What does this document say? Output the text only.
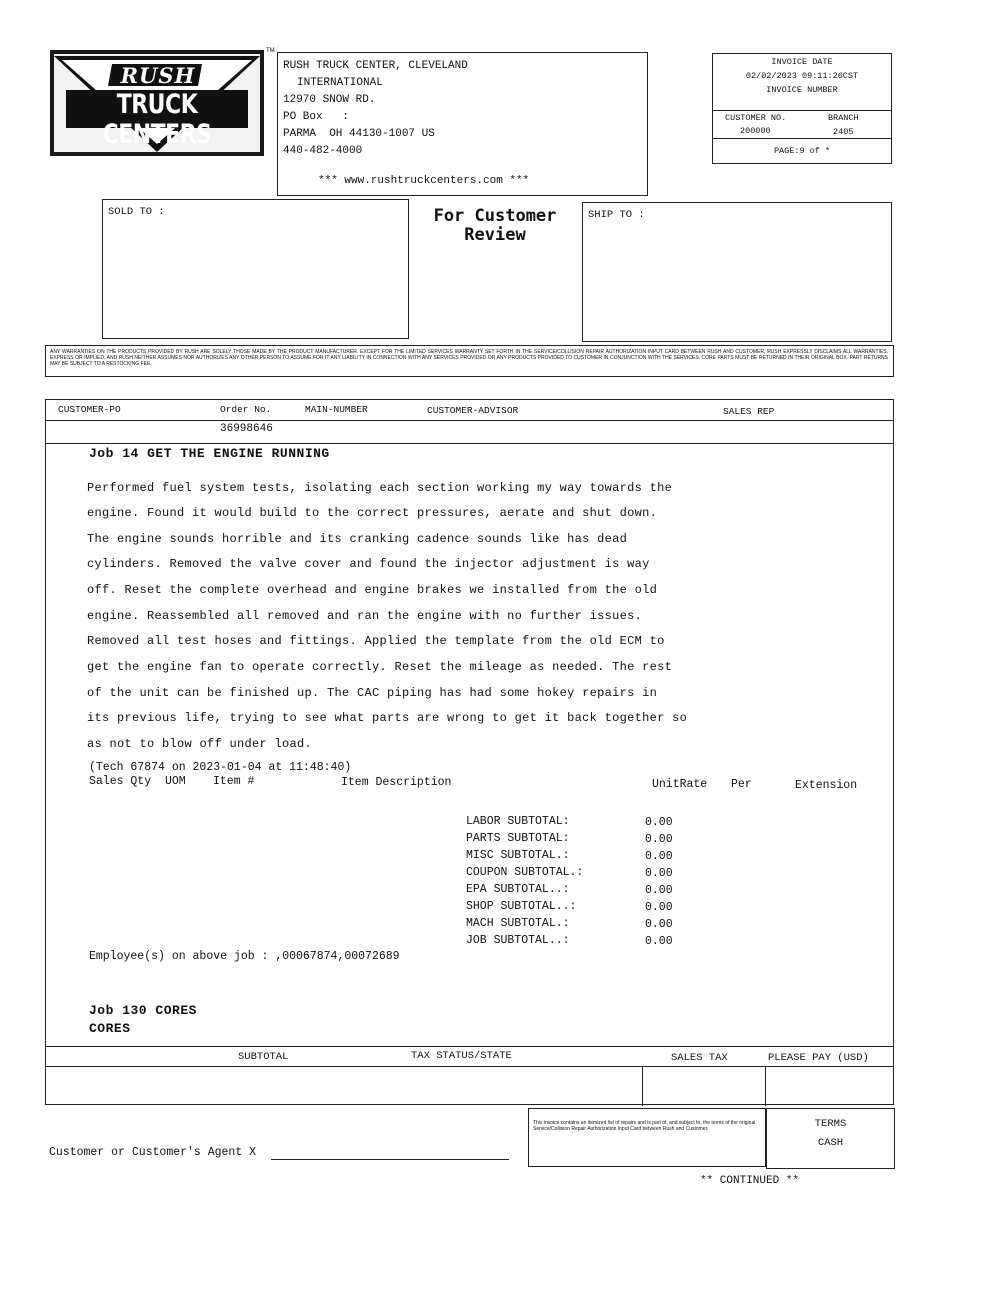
RUSH
TRUCK CENTERS
TM
RUSH TRUCK CENTER, CLEVELAND
INTERNATIONAL
12970 SNOW RD.
PO Box   :
PARMA  OH 44130-1007 US
440-482-4000
*** www.rushtruckcenters.com ***
INVOICE DATE
02/02/2023 09:11:26CST
INVOICE NUMBER
CUSTOMER NO.	BRANCH
200000	2405
PAGE:9 of *
SOLD TO :	For Customer
Review
SHIP TO :
ANY WARRANTIES ON THE PRODUCTS PROVIDED BY RUSH ARE SOLELY THOSE MADE BY THE PRODUCT MANUFACTURER. EXCEPT FOR THE LIMITED SERVICES WARRANTY SET FORTH IN THE SERVICE/COLLISION REPAIR AUTHORIZATION INPUT CARD BETWEEN RUSH AND CUSTOMER, RUSH EXPRESSLY DISCLAIMS ALL WARRANTIES, EXPRESS OR IMPLIED, AND RUSH NEITHER ASSUMES NOR AUTHORIZES ANY OTHER PERSON TO ASSUME FOR IT ANY LIABILITY IN CONNECTION WITH ANY SERVICES PROVIDED OR ANY PRODUCTS PROVIDED TO CUSTOMER IN CONJUNCTION WITH THE SERVICES. CORE PARTS MUST BE RETURNED IN THEIR ORIGINAL BOX. PART RETURNS MAY BE SUBJECT TO A RESTOCKING FEE.
CUSTOMER-PO	Order No.	MAIN-NUMBER	CUSTOMER-ADVISOR	SALES REP
36998646
Job 14 GET THE ENGINE RUNNING
Performed fuel system tests, isolating each section working my way towards the
engine. Found it would build to the correct pressures, aerate and shut down.
The engine sounds horrible and its cranking cadence sounds like has dead
cylinders. Removed the valve cover and found the injector adjustment is way
off. Reset the complete overhead and engine brakes we installed from the old
engine. Reassembled all removed and ran the engine with no further issues.
Removed all test hoses and fittings. Applied the template from the old ECM to
get the engine fan to operate correctly. Reset the mileage as needed. The rest
of the unit can be finished up. The CAC piping has had some hokey repairs in
its previous life, trying to see what parts are wrong to get it back together so
as not to blow off under load.
(Tech 67874 on 2023-01-04 at 11:48:40)
Sales Qty UOM Item #	Item Description	UnitRate Per	Extension
LABOR SUBTOTAL:	0.00
PARTS SUBTOTAL:	0.00
MISC SUBTOTAL.:	0.00
COUPON SUBTOTAL.:	0.00
EPA SUBTOTAL..:	0.00
SHOP SUBTOTAL..:	0.00
MACH SUBTOTAL.:	0.00
JOB SUBTOTAL..:	0.00
Employee(s) on above job : ,00067874,00072689
Job 130 CORES
CORES
SUBTOTAL	TAX STATUS/STATE	SALES TAX	PLEASE PAY (USD)
This invoice contains an itemized list of repairs and is part of, and subject to, the terms of the original Service/Collision Repair Authorization Input Card between Rush and Customer.	TERMS
CASH
Customer or Customer's Agent X
** CONTINUED **
